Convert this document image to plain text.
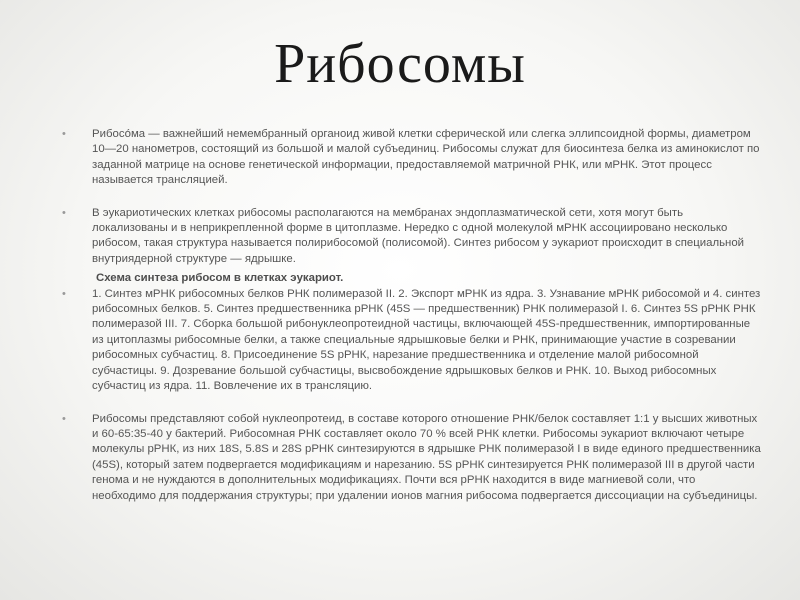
Рибосомы
• Рибосо́ма — важнейший немембранный органоид живой клетки сферической или слегка эллипсоидной формы, диаметром 10—20 нанометров, состоящий из большой и малой субъединиц. Рибосомы служат для биосинтеза белка из аминокислот по заданной матрице на основе генетической информации, предоставляемой матричной РНК, или мРНК. Этот процесс называется трансляцией.
• В эукариотических клетках рибосомы располагаются на мембранах эндоплазматической сети, хотя могут быть локализованы и в неприкрепленной форме в цитоплазме. Нередко с одной молекулой мРНК ассоциировано несколько рибосом, такая структура называется полирибосомой (полисомой). Синтез рибосом у эукариот происходит в специальной внутриядерной структуре — ядрышке.
Схема синтеза рибосом в клетках эукариот.
• 1. Синтез мРНК рибосомных белков РНК полимеразой II. 2. Экспорт мРНК из ядра. 3. Узнавание мРНК рибосомой и 4. синтез рибосомных белков. 5. Синтез предшественника рРНК (45S — предшественник) РНК полимеразой I. 6. Синтез 5S рРНК РНК полимеразой III. 7. Сборка большой рибонуклеопротеидной частицы, включающей 45S-предшественник, импортированные из цитоплазмы рибосомные белки, а также специальные ядрышковые белки и РНК, принимающие участие в созревании рибосомных субчастиц. 8. Присоединение 5S рРНК, нарезание предшественника и отделение малой рибосомной субчастицы. 9. Дозревание большой субчастицы, высвобождение ядрышковых белков и РНК. 10. Выход рибосомных субчастиц из ядра. 11. Вовлечение их в трансляцию.
• Рибосомы представляют собой нуклеопротеид, в составе которого отношение РНК/белок составляет 1:1 у высших животных и 60-65:35-40 у бактерий. Рибосомная РНК составляет около 70 % всей РНК клетки. Рибосомы эукариот включают четыре молекулы рРНК, из них 18S, 5.8S и 28S рРНК синтезируются в ядрышке РНК полимеразой I в виде единого предшественника (45S), который затем подвергается модификациям и нарезанию. 5S рРНК синтезируется РНК полимеразой III в другой части генома и не нуждаются в дополнительных модификациях. Почти вся рРНК находится в виде магниевой соли, что необходимо для поддержания структуры; при удалении ионов магния рибосома подвергается диссоциации на субъединицы.
